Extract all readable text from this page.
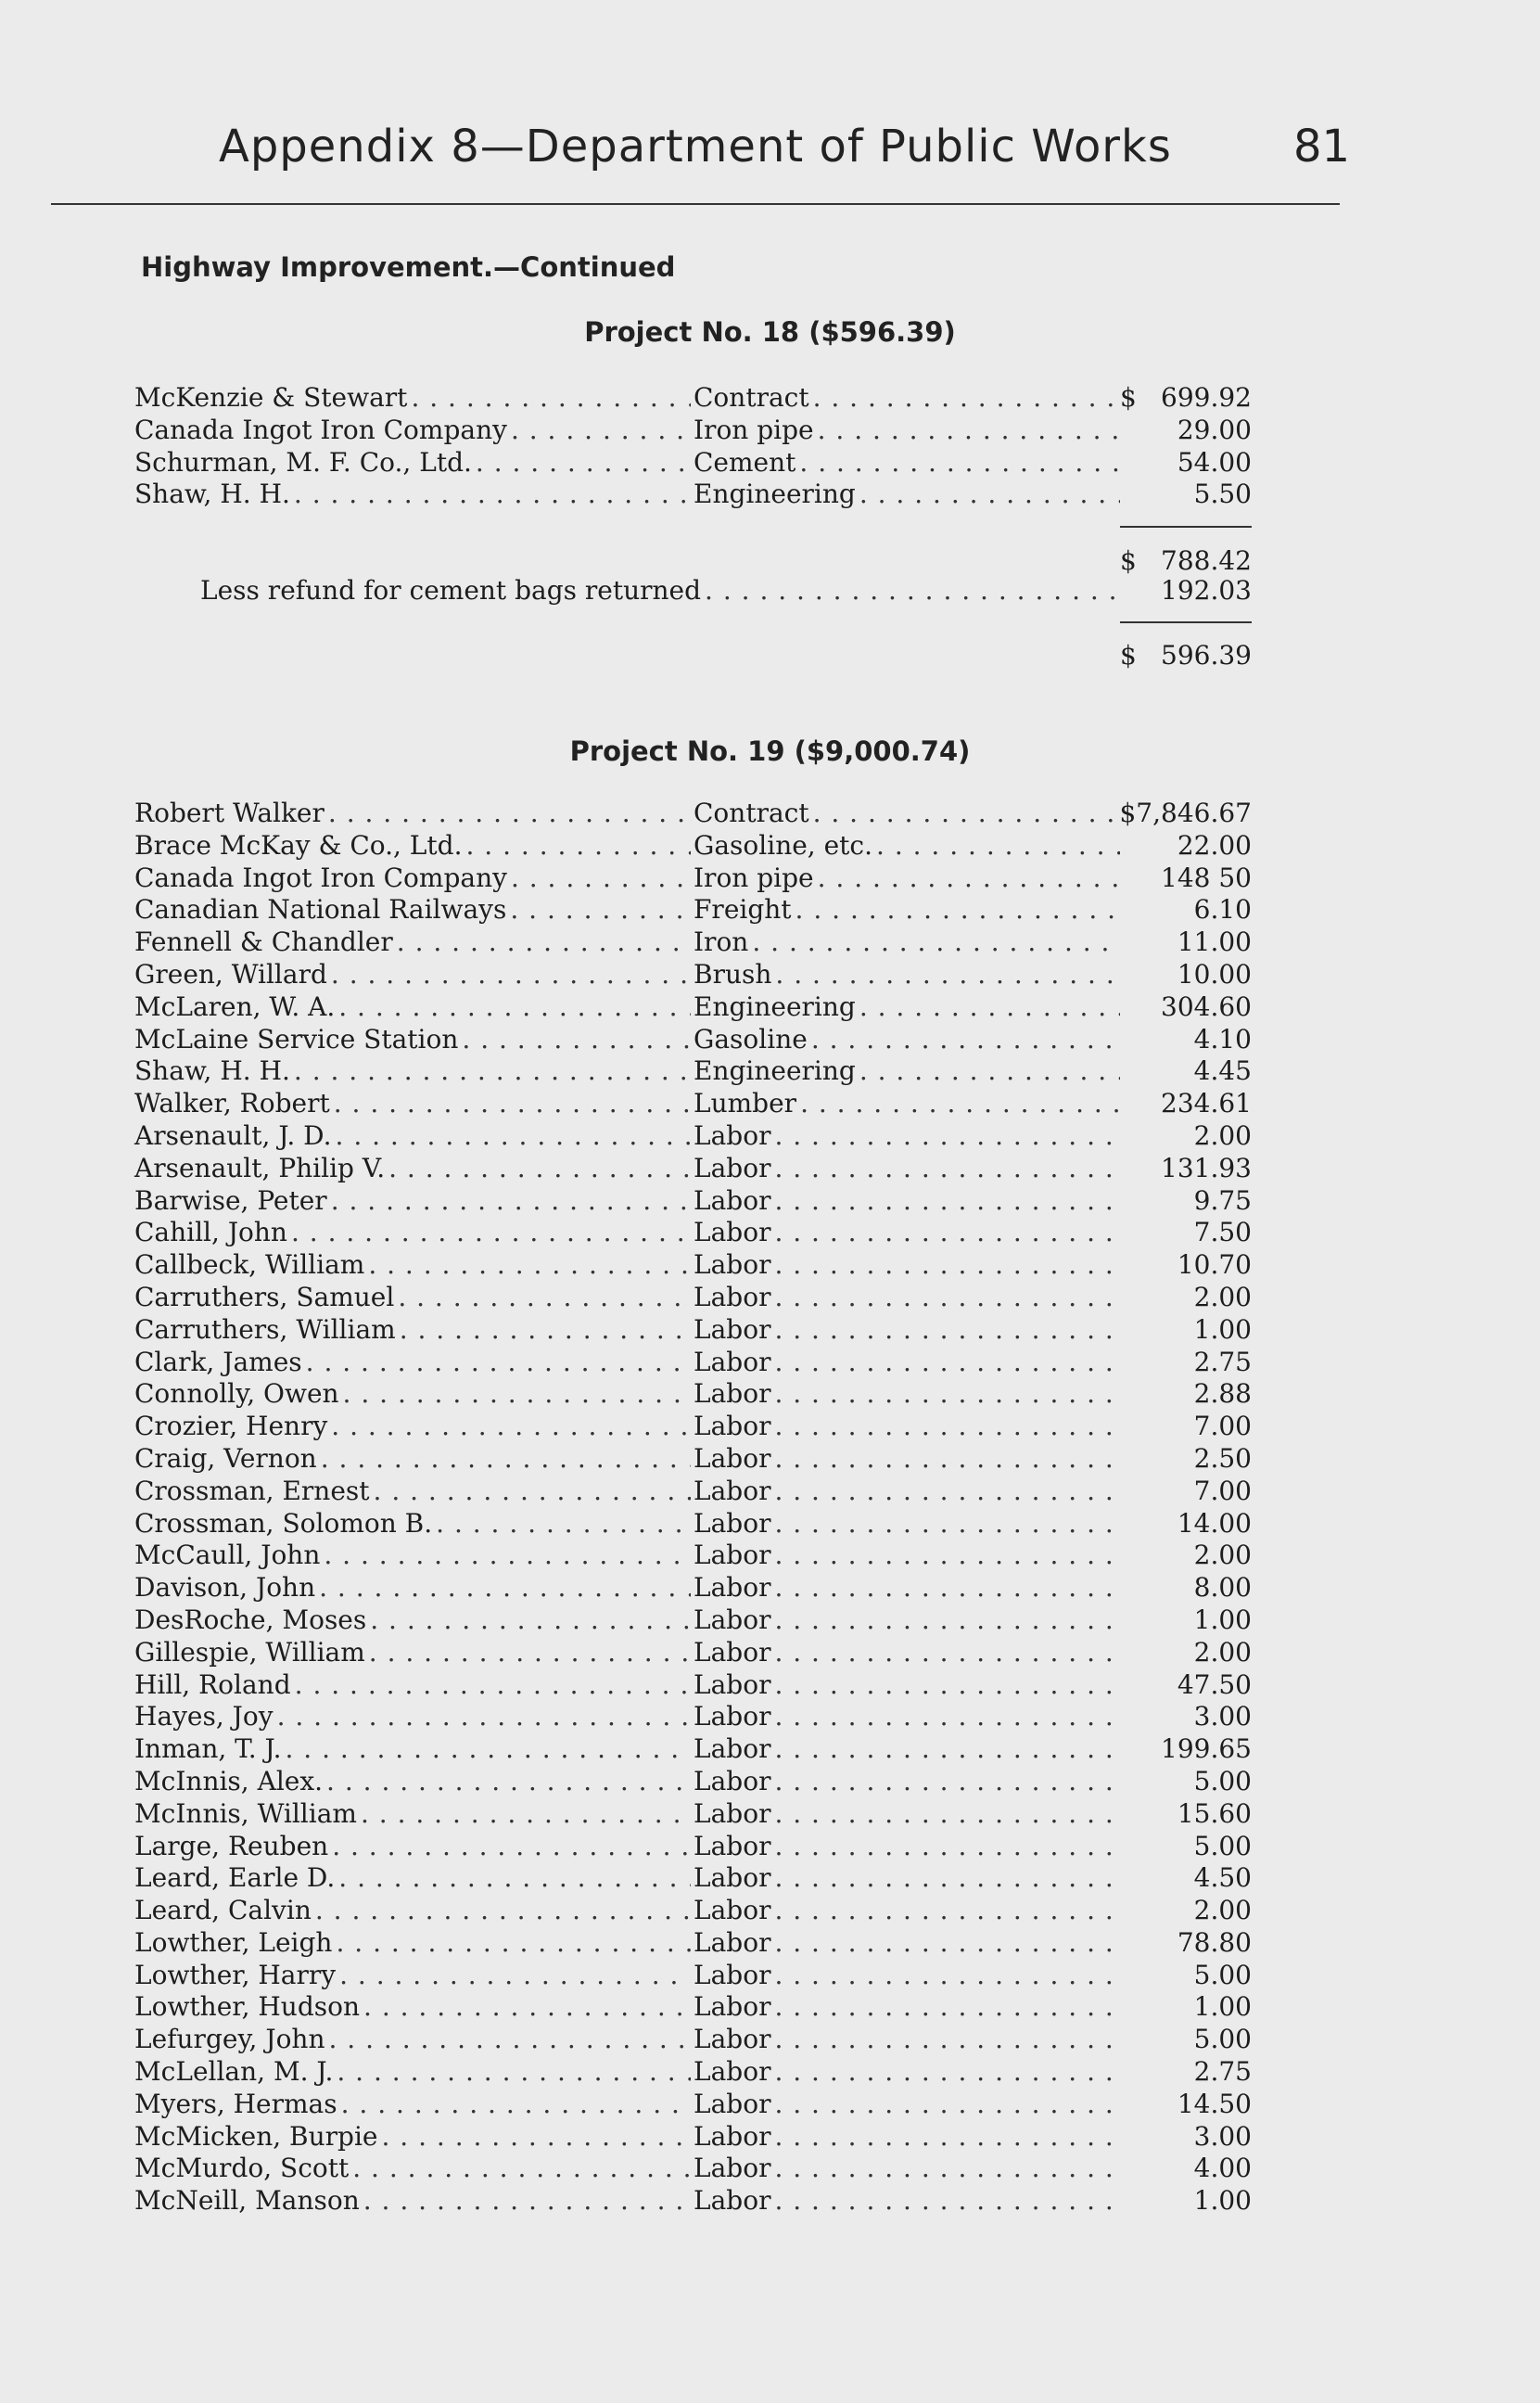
Appendix 8—Department of Public Works	81
Highway Improvement.—Continued
Project No. 18 ($596.39)
McKenzie & Stewart . . .	Contract . . .	$ 699.92
Canada Ingot Iron Company . . .	Iron pipe . . .	29.00
Schurman, M. F. Co., Ltd. . . .	Cement . . .	54.00
Shaw, H. H. . . .	Engineering . . .	5.50
$ 788.42
Less refund for cement bags returned . . .	192.03
$ 596.39
Project No. 19 ($9,000.74)
Robert Walker . . .	Contract . . .	$7,846.67
Brace McKay & Co., Ltd. . . .	Gasoline, etc. . . .	22.00
Canada Ingot Iron Company . . .	Iron pipe . . .	148 50
Canadian National Railways . . .	Freight . . .	6.10
Fennell & Chandler . . .	Iron . . .	11.00
Green, Willard . . .	Brush . . .	10.00
McLaren, W. A. . . .	Engineering . . .	304.60
McLaine Service Station . . .	Gasoline . . .	4.10
Shaw, H. H. . . .	Engineering . . .	4.45
Walker, Robert . . .	Lumber . . .	234.61
Arsenault, J. D. . . .	Labor . . .	2.00
Arsenault, Philip V. . . .	Labor . . .	131.93
Barwise, Peter . . .	Labor . . .	9.75
Cahill, John . . .	Labor . . .	7.50
Callbeck, William . . .	Labor . . .	10.70
Carruthers, Samuel . . .	Labor . . .	2.00
Carruthers, William . . .	Labor . . .	1.00
Clark, James . . .	Labor . . .	2.75
Connolly, Owen . . .	Labor . . .	2.88
Crozier, Henry . . .	Labor . . .	7.00
Craig, Vernon . . .	Labor . . .	2.50
Crossman, Ernest . . .	Labor . . .	7.00
Crossman, Solomon B. . . .	Labor . . .	14.00
McCaull, John . . .	Labor . . .	2.00
Davison, John . . .	Labor . . .	8.00
DesRoche, Moses . . .	Labor . . .	1.00
Gillespie, William . . .	Labor . . .	2.00
Hill, Roland . . .	Labor . . .	47.50
Hayes, Joy . . .	Labor . . .	3.00
Inman, T. J. . . .	Labor . . .	199.65
McInnis, Alex. . . .	Labor . . .	5.00
McInnis, William . . .	Labor . . .	15.60
Large, Reuben . . .	Labor . . .	5.00
Leard, Earle D. . . .	Labor . . .	4.50
Leard, Calvin . . .	Labor . . .	2.00
Lowther, Leigh . . .	Labor . . .	78.80
Lowther, Harry . . .	Labor . . .	5.00
Lowther, Hudson . . .	Labor . . .	1.00
Lefurgey, John . . .	Labor . . .	5.00
McLellan, M. J. . . .	Labor . . .	2.75
Myers, Hermas . . .	Labor . . .	14.50
McMicken, Burpie . . .	Labor . . .	3.00
McMurdo, Scott . . .	Labor . . .	4.00
McNeill, Manson . . .	Labor . . .	1.00
